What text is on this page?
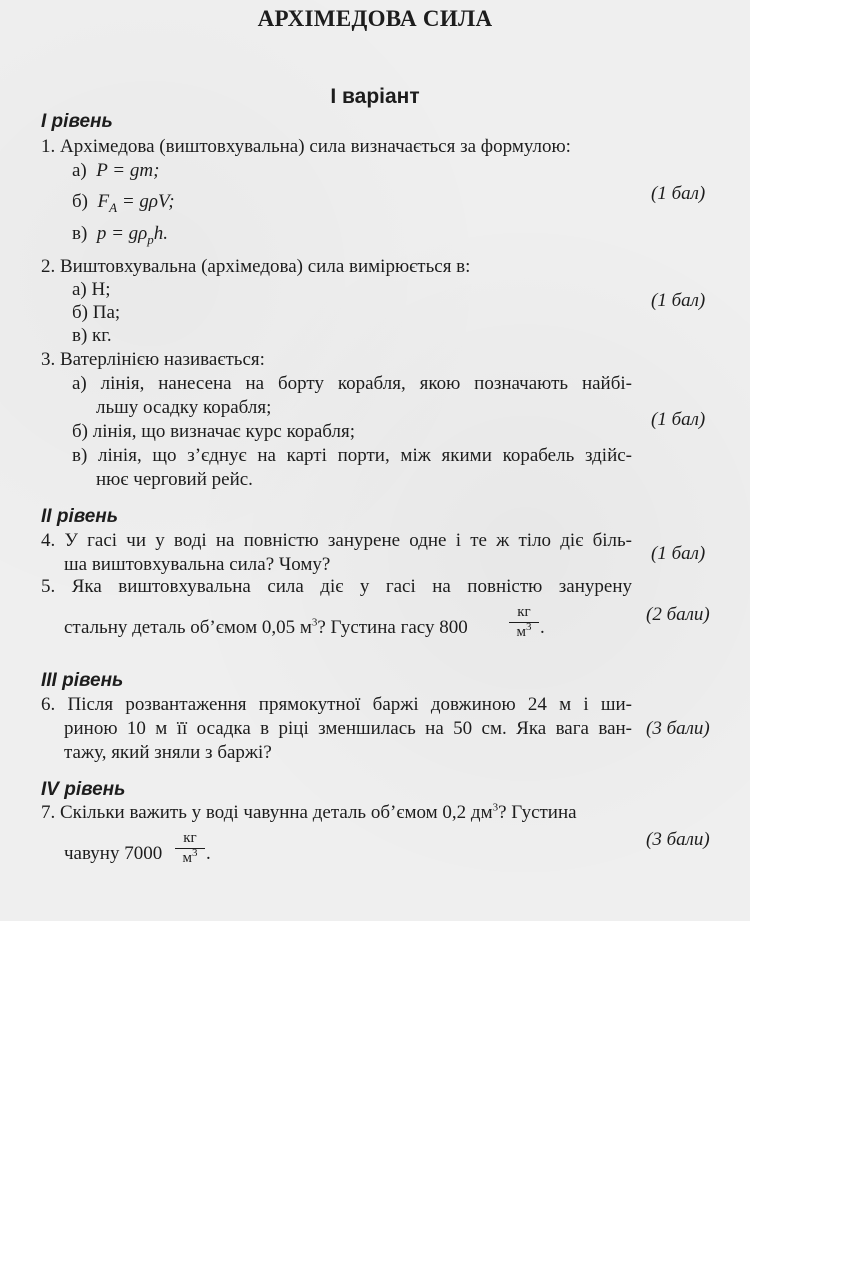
АРХІМЕДОВА СИЛА
I варіант
I рівень
1. Архімедова (виштовхувальна) сила визначається за формулою:
а) P = gm;
б) $F_A = g\rho V$;
в) $p = g\rho_ph$.
(1 бал)
2. Виштовхувальна (архімедова) сила вимірюється в:
а) Н;
б) Па;
в) кг.
(1 бал)
3. Ватерлінією називається:
а) лінія, нанесена на борту корабля, якою позначають найбі-
льшу осадку корабля;
б) лінія, що визначає курс корабля;
в) лінія, що з’єднує на карті порти, між якими корабель здійс-
нює черговий рейс.
(1 бал)
II рівень
4. У гасі чи у воді на повністю занурене одне і те ж тіло діє біль-
ша виштовхувальна сила? Чому?
(1 бал)
5. Яка виштовхувальна сила діє у гасі на повністю занурену
стальну деталь об’ємом 0,05 $м^3$? Густина гасу 800
кг
$м^3$ .
(2 бали)
III рівень
6. Після розвантаження прямокутної баржі довжиною 24 м і ши-
риною 10 м її осадка в ріці зменшилась на 50 см. Яка вага ван-
тажу, який зняли з баржі?
(3 бали)
IV рівень
7. Скільки важить у воді чавунна деталь об’ємом 0,2 $дм^3$? Густина
чавуну 7000
кг
$м^3$ .
(3 бали)
